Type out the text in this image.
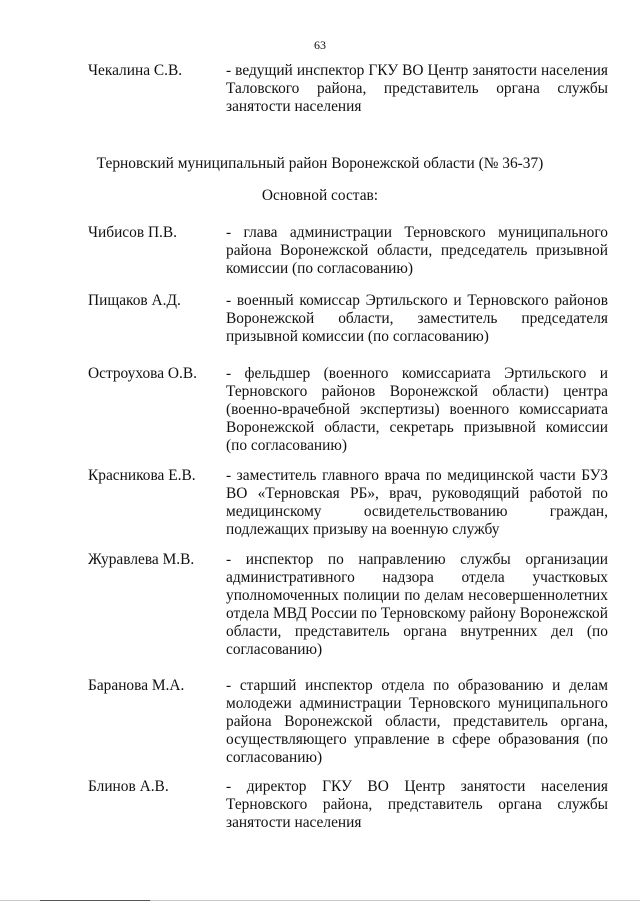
63
Чекалина С.В.	- ведущий инспектор ГКУ ВО Центр занятости населения Таловского района, представитель органа службы занятости населения
Терновский муниципальный район Воронежской области (№ 36-37)
Основной состав:
Чибисов П.В.	- глава администрации Терновского муниципального района Воронежской области, председатель призывной комиссии (по согласованию)
Пищаков А.Д.	- военный комиссар Эртильского и Терновского районов Воронежской области, заместитель председателя призывной комиссии (по согласованию)
Остроухова О.В.	- фельдшер (военного комиссариата Эртильского и Терновского районов Воронежской области) центра (военно-врачебной экспертизы) военного комиссариата Воронежской области, секретарь призывной комиссии (по согласованию)
Красникова Е.В.	- заместитель главного врача по медицинской части БУЗ ВО «Терновская РБ», врач, руководящий работой по медицинскому освидетельствованию граждан, подлежащих призыву на военную службу
Журавлева М.В.	- инспектор по направлению службы организации административного надзора отдела участковых уполномоченных полиции по делам несовершеннолетних отдела МВД России по Терновскому району Воронежской области, представитель органа внутренних дел (по согласованию)
Баранова М.А.	- старший инспектор отдела по образованию и делам молодежи администрации Терновского муниципального района Воронежской области, представитель органа, осуществляющего управление в сфере образования (по согласованию)
Блинов А.В.	- директор ГКУ ВО Центр занятости населения Терновского района, представитель органа службы занятости населения
